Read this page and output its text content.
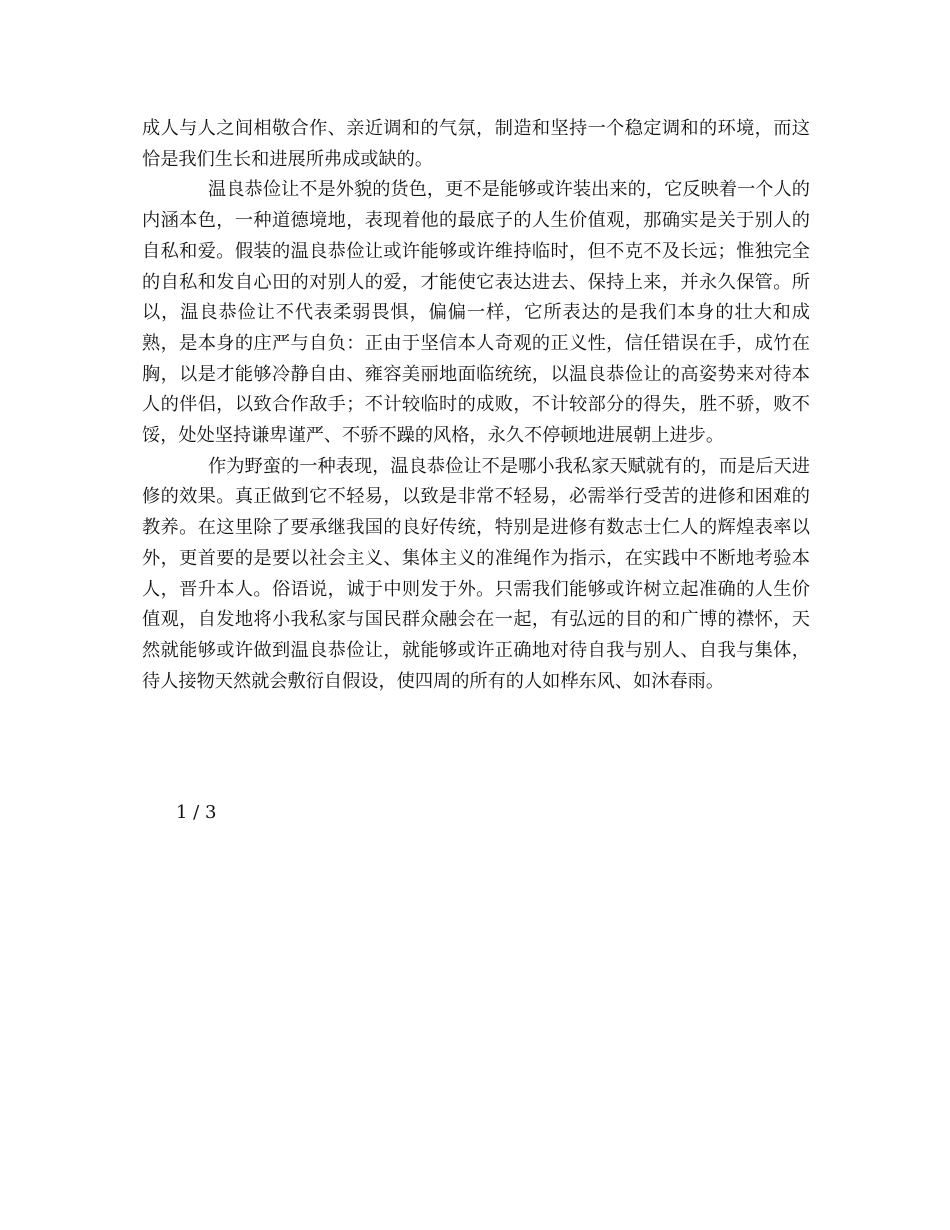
成人与人之间相敬合作、亲近调和的气氛，制造和坚持一个稳定调和的环境，而这恰是我们生长和进展所弗成或缺的。

温良恭俭让不是外貌的货色，更不是能够或许装出来的，它反映着一个人的内涵本色，一种道德境地，表现着他的最底子的人生价值观，那确实是关于别人的自私和爱。假装的温良恭俭让或许能够或许维持临时，但不克不及长远；惟独完全的自私和发自心田的对别人的爱，才能使它表达进去、保持上来，并永久保管。所以，温良恭俭让不代表柔弱畏惧，偏偏一样，它所表达的是我们本身的壮大和成熟，是本身的庄严与自负：正由于坚信本人奇观的正义性，信任错误在手，成竹在胸，以是才能够冷静自由、雍容美丽地面临统统，以温良恭俭让的高姿势来对待本人的伴侣，以致合作敌手；不计较临时的成败，不计较部分的得失，胜不骄，败不馁，处处坚持谦卑谨严、不骄不躁的风格，永久不停顿地进展朝上进步。

作为野蛮的一种表现，温良恭俭让不是哪小我私家天赋就有的，而是后天进修的效果。真正做到它不轻易，以致是非常不轻易，必需举行受苦的进修和困难的教养。在这里除了要承继我国的良好传统，特别是进修有数志士仁人的辉煌表率以外，更首要的是要以社会主义、集体主义的准绳作为指示，在实践中不断地考验本人，晋升本人。俗语说，诚于中则发于外。只需我们能够或许树立起准确的人生价值观，自发地将小我私家与国民群众融会在一起，有弘远的目的和广博的襟怀，天然就能够或许做到温良恭俭让，就能够或许正确地对待自我与别人、自我与集体，待人接物天然就会敷衍自假设，使四周的所有的人如桦东风、如沐春雨。

1 / 3
